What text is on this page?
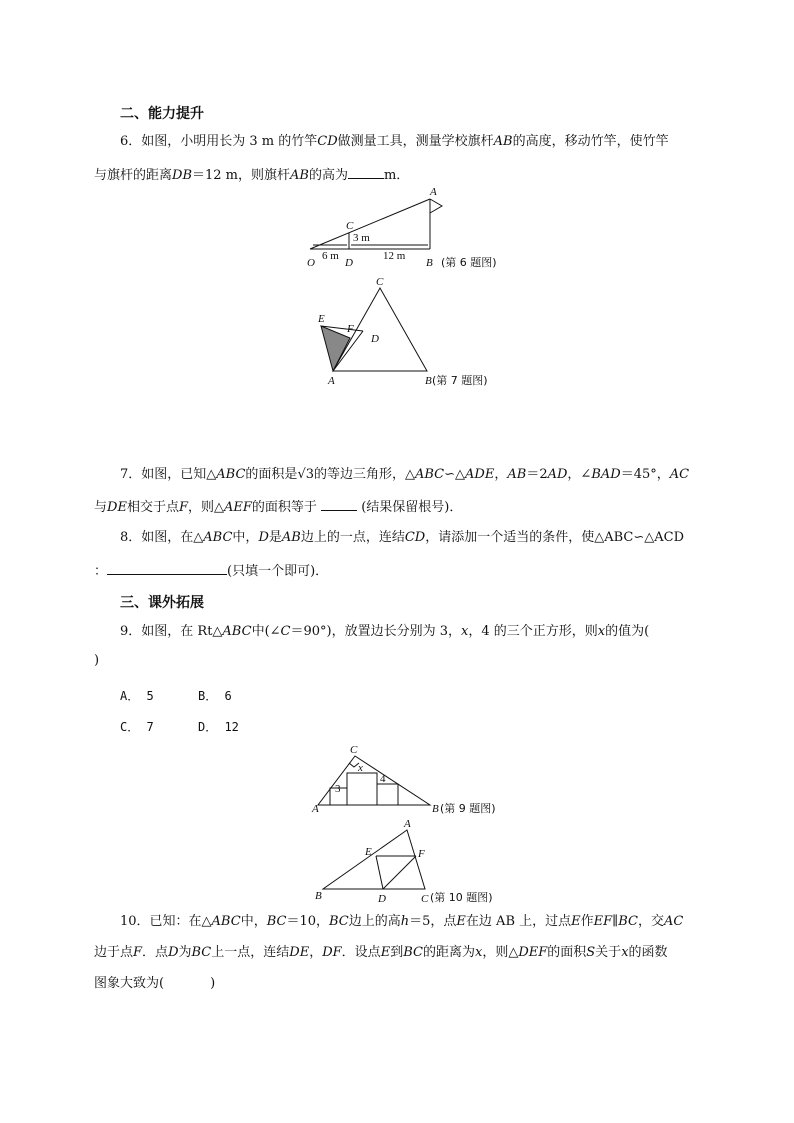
二、能力提升
6．如图，小明用长为 3 m 的竹竿CD做测量工具，测量学校旗杆AB的高度，移动竹竿，使竹竿
与旗杆的距离DB＝12 m，则旗杆AB的高为	m．
A
C
3 m
6 m	12 m
O	D	B (第 6 题图)
C
E
F
D
A	B (第 7 题图)
C
x
3
4
A	B (第 9 题图)
A
E	F
B	D	C (第 10 题图)
7．如图，已知△ABC的面积是√3的等边三角形，△ABC∽△ADE，AB＝2AD，∠BAD＝45°，AC
与DE相交于点F，则△AEF的面积等于	(结果保留根号)．
8．如图，在△ABC中，D是AB边上的一点，连结CD，请添加一个适当的条件，使△ABC∽△ACD
：	(只填一个即可)．
三、课外拓展
9．如图，在 Rt△ABC中(∠C＝90°)，放置边长分别为 3，x，4 的三个正方形，则x的值为(
)
A． 5	B． 6
C． 7	D． 12
10．已知：在△ABC中，BC＝10，BC边上的高h＝5，点E在边 AB 上，过点E作EF∥BC，交AC
边于点F．点D为BC上一点，连结DE，DF．设点E到BC的距离为x，则△DEF的面积S关于x的函数
图象大致为(	)
